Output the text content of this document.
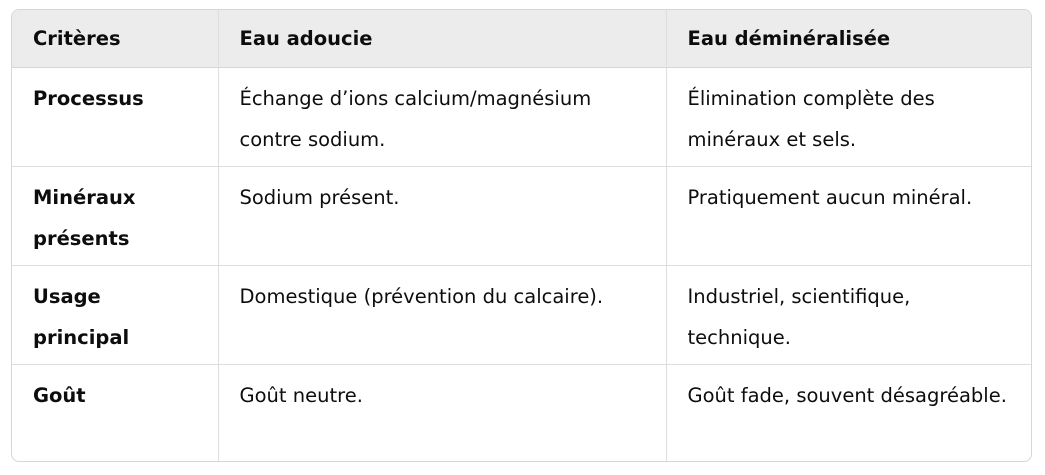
Critères	Eau adoucie	Eau déminéralisée
Processus	Échange d’ions calcium/magnésium contre sodium.	Élimination complète des minéraux et sels.
Minéraux présents	Sodium présent.	Pratiquement aucun minéral.
Usage principal	Domestique (prévention du calcaire).	Industriel, scientifique, technique.
Goût	Goût neutre.	Goût fade, souvent désagréable.
